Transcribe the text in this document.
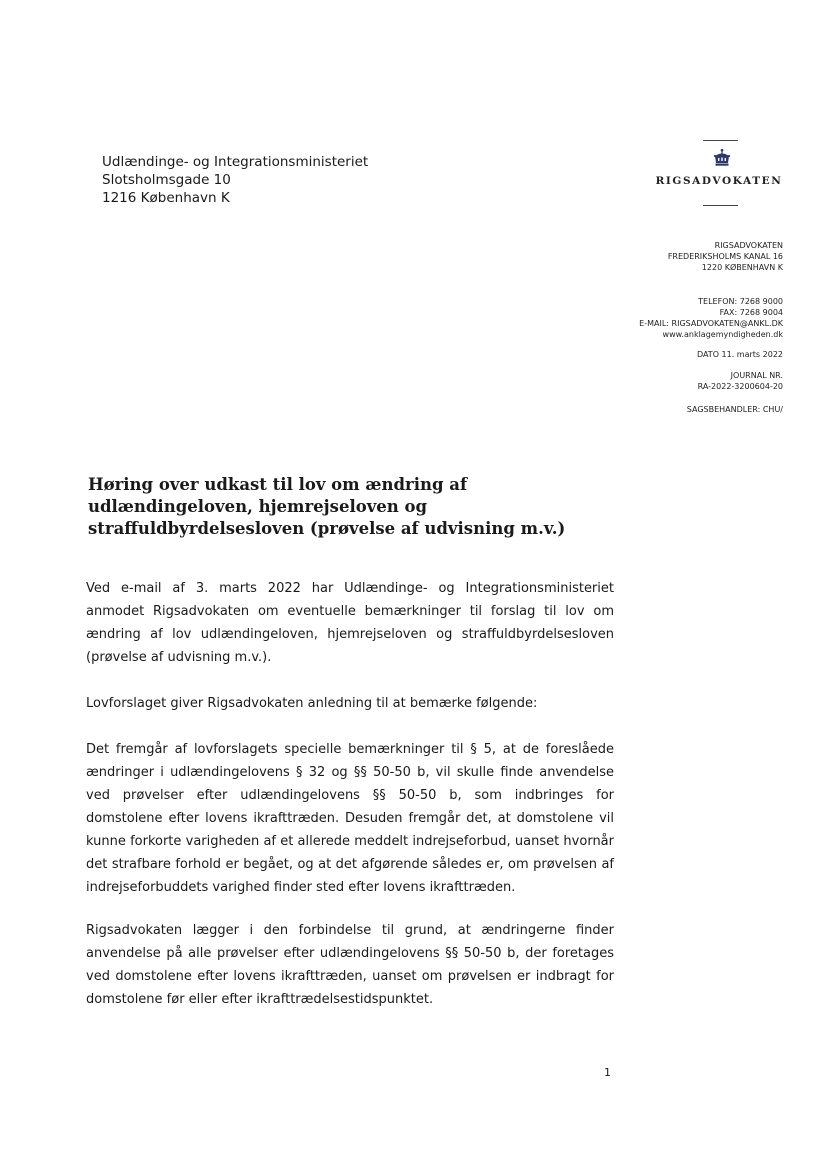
Udlændinge- og Integrationsministeriet
Slotsholmsgade 10
1216 København K
RIGSADVOKATEN
RIGSADVOKATEN
FREDERIKSHOLMS KANAL 16
1220 KØBENHAVN K
TELEFON: 7268 9000
FAX: 7268 9004
E-MAIL: RIGSADVOKATEN@ANKL.DK
www.anklagemyndigheden.dk
DATO 11. marts 2022
JOURNAL NR.
RA-2022-3200604-20
SAGSBEHANDLER: CHU/
Høring over udkast til lov om ændring af udlændingeloven, hjemrejseloven og straffuldbyrdelsesloven (prøvelse af udvisning m.v.)
Ved e-mail af 3. marts 2022 har Udlændinge- og Integrationsministeriet anmodet Rigsadvokaten om eventuelle bemærkninger til forslag til lov om ændring af lov udlændingeloven, hjemrejseloven og straffuldbyrdelsesloven (prøvelse af udvisning m.v.).
Lovforslaget giver Rigsadvokaten anledning til at bemærke følgende:
Det fremgår af lovforslagets specielle bemærkninger til § 5, at de foreslåede ændringer i udlændingelovens § 32 og §§ 50-50 b, vil skulle finde anvendelse ved prøvelser efter udlændingelovens §§ 50-50 b, som indbringes for domstolene efter lovens ikrafttræden. Desuden fremgår det, at domstolene vil kunne forkorte varigheden af et allerede meddelt indrejseforbud, uanset hvornår det strafbare forhold er begået, og at det afgørende således er, om prøvelsen af indrejseforbuddets varighed finder sted efter lovens ikrafttræden.
Rigsadvokaten lægger i den forbindelse til grund, at ændringerne finder anvendelse på alle prøvelser efter udlændingelovens §§ 50-50 b, der foretages ved domstolene efter lovens ikrafttræden, uanset om prøvelsen er indbragt for domstolene før eller efter ikrafttrædelsestidspunktet.
1
